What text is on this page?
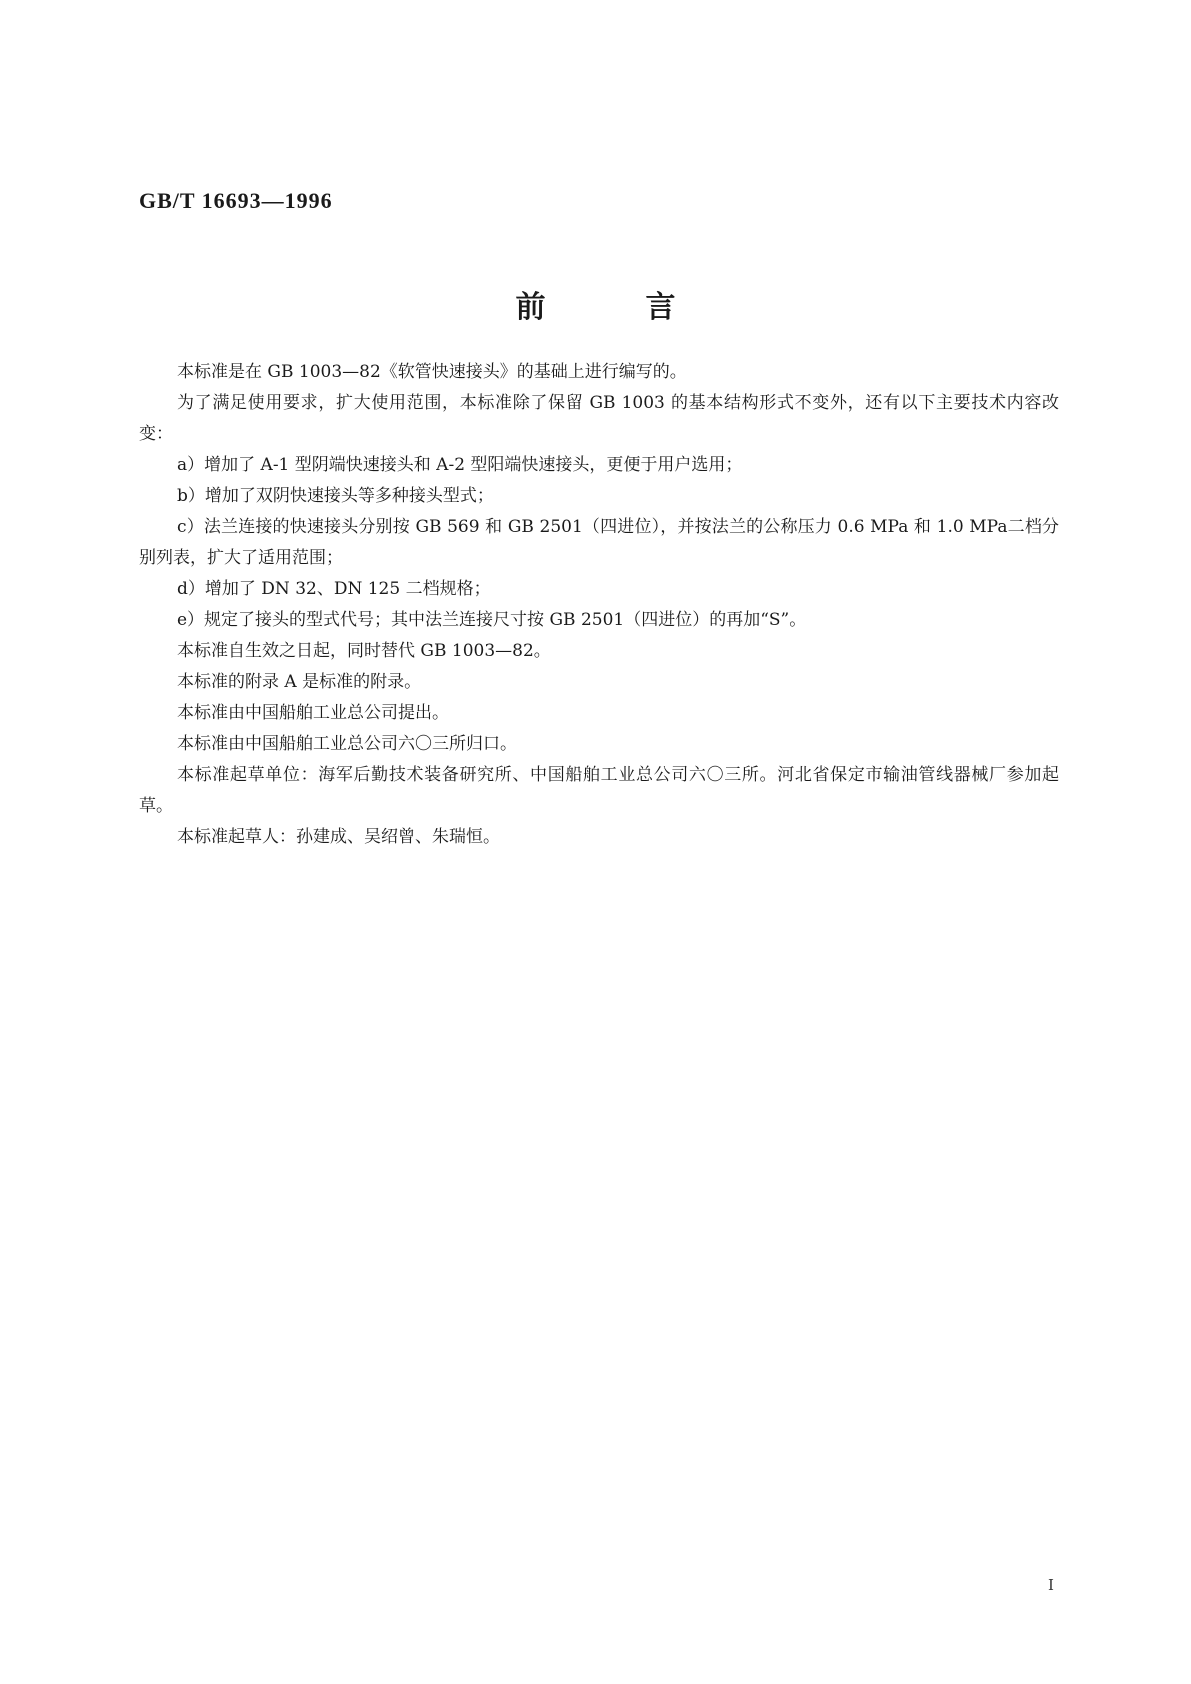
GB/T 16693—1996
前	言

本标准是在 GB 1003—82《软管快速接头》的基础上进行编写的。

为了满足使用要求，扩大使用范围，本标准除了保留 GB 1003 的基本结构形式不变外，还有以下主要技术内容改变：

a）增加了 A-1 型阴端快速接头和 A-2 型阳端快速接头，更便于用户选用；

b）增加了双阴快速接头等多种接头型式；

c）法兰连接的快速接头分别按 GB 569 和 GB 2501（四进位），并按法兰的公称压力 0.6 MPa 和 1.0 MPa二档分别列表，扩大了适用范围；

d）增加了 DN 32、DN 125 二档规格；

e）规定了接头的型式代号；其中法兰连接尺寸按 GB 2501（四进位）的再加“S”。

本标准自生效之日起，同时替代 GB 1003—82。

本标准的附录 A 是标准的附录。

本标准由中国船舶工业总公司提出。

本标准由中国船舶工业总公司六〇三所归口。

本标准起草单位：海军后勤技术装备研究所、中国船舶工业总公司六〇三所。河北省保定市输油管线器械厂参加起草。

本标准起草人：孙建成、吴绍曾、朱瑞恒。

I
